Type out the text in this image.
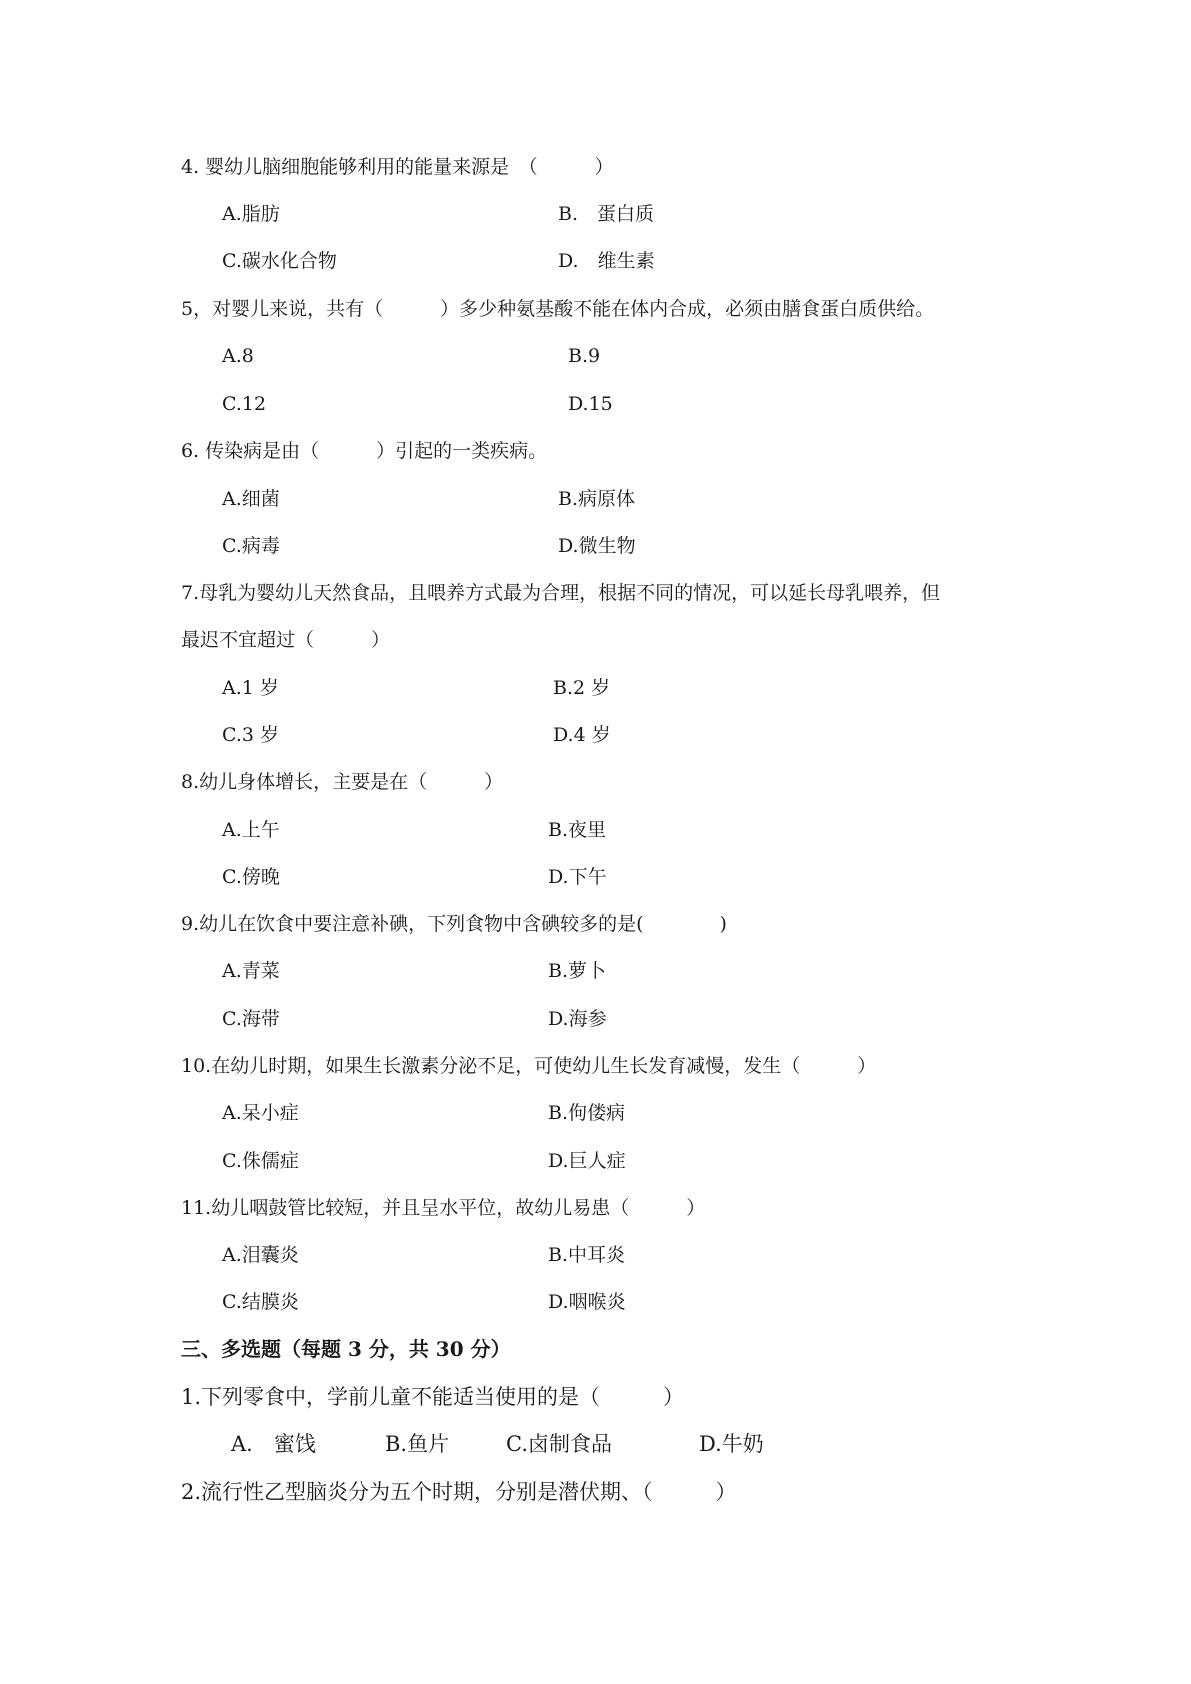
4. 婴幼儿脑细胞能够利用的能量来源是　（　　　）
A.脂肪	B.　蛋白质
C.碳水化合物	D.　维生素
5，对婴儿来说，共有（　　　）多少种氨基酸不能在体内合成，必须由膳食蛋白质供给。
A.8	B.9
C.12	D.15
6. 传染病是由（　　　）引起的一类疾病。
A.细菌	B.病原体
C.病毒	D.微生物
7.母乳为婴幼儿天然食品，且喂养方式最为合理，根据不同的情况，可以延长母乳喂养，但
最迟不宜超过（　　　）
A.1 岁	B.2 岁
C.3 岁	D.4 岁
8.幼儿身体增长，主要是在（　　　）
A.上午	B.夜里
C.傍晚	D.下午
9.幼儿在饮食中要注意补碘，下列食物中含碘较多的是(　　　　)
A.青菜	B.萝卜
C.海带	D.海参
10.在幼儿时期，如果生长激素分泌不足，可使幼儿生长发育减慢，发生（　　　）
A.呆小症	B.佝偻病
C.侏儒症	D.巨人症
11.幼儿咽鼓管比较短，并且呈水平位，故幼儿易患（　　　）
A.泪囊炎	B.中耳炎
C.结膜炎	D.咽喉炎
三、多选题（每题 3 分，共 30 分）
1.下列零食中，学前儿童不能适当使用的是（　　　）
A.　蜜饯	B.鱼片	C.卤制食品	D.牛奶
2.流行性乙型脑炎分为五个时期，分别是潜伏期、（　　　）
